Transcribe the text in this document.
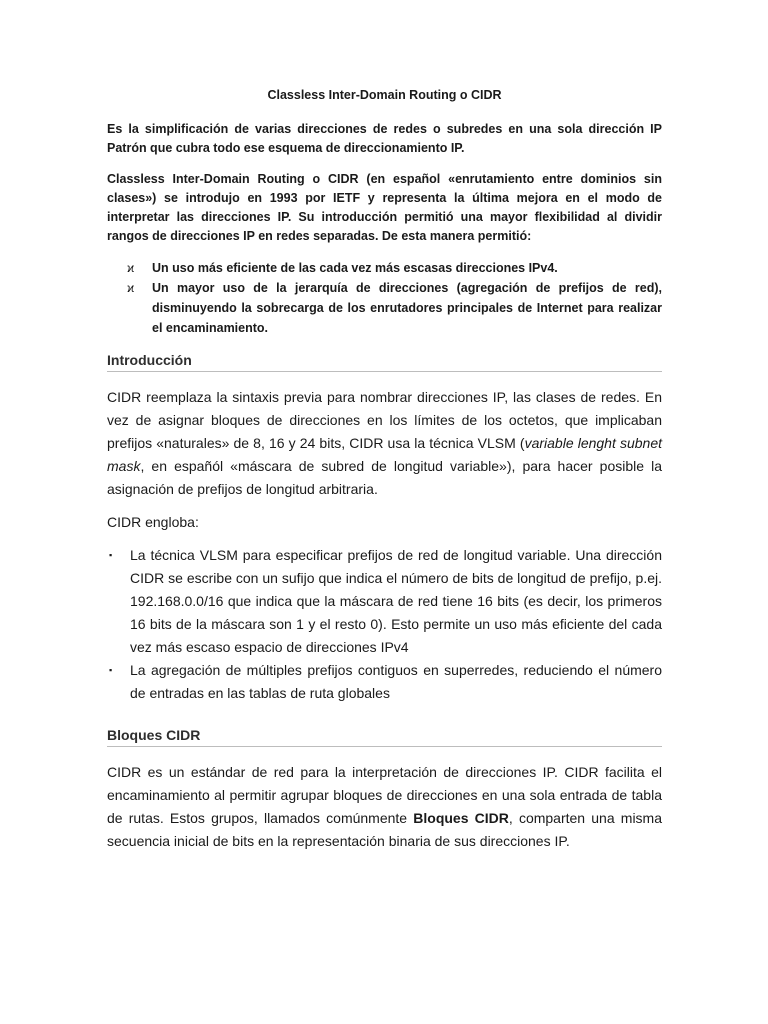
Classless Inter-Domain Routing o CIDR

Es la simplificación de varias direcciones de redes o subredes en una sola dirección IP Patrón que cubra todo ese esquema de direccionamiento IP.

Classless Inter-Domain Routing o CIDR (en español «enrutamiento entre dominios sin clases») se introdujo en 1993 por IETF y representa la última mejora en el modo de interpretar las direcciones IP. Su introducción permitió una mayor flexibilidad al dividir rangos de direcciones IP en redes separadas. De esta manera permitió:

ϰ Un uso más eficiente de las cada vez más escasas direcciones IPv4.
ϰ Un mayor uso de la jerarquía de direcciones (agregación de prefijos de red), disminuyendo la sobrecarga de los enrutadores principales de Internet para realizar el encaminamiento.
Introducción

CIDR reemplaza la sintaxis previa para nombrar direcciones IP, las clases de redes. En vez de asignar bloques de direcciones en los límites de los octetos, que implicaban prefijos «naturales» de 8, 16 y 24 bits, CIDR usa la técnica VLSM (variable lenght subnet mask, en españól «máscara de subred de longitud variable»), para hacer posible la asignación de prefijos de longitud arbitraria.

CIDR engloba:

▪ La técnica VLSM para especificar prefijos de red de longitud variable. Una dirección CIDR se escribe con un sufijo que indica el número de bits de longitud de prefijo, p.ej. 192.168.0.0/16 que indica que la máscara de red tiene 16 bits (es decir, los primeros 16 bits de la máscara son 1 y el resto 0). Esto permite un uso más eficiente del cada vez más escaso espacio de direcciones IPv4
▪ La agregación de múltiples prefijos contiguos en superredes, reduciendo el número de entradas en las tablas de ruta globales
Bloques CIDR

CIDR es un estándar de red para la interpretación de direcciones IP. CIDR facilita el encaminamiento al permitir agrupar bloques de direcciones en una sola entrada de tabla de rutas. Estos grupos, llamados comúnmente Bloques CIDR, comparten una misma secuencia inicial de bits en la representación binaria de sus direcciones IP.
